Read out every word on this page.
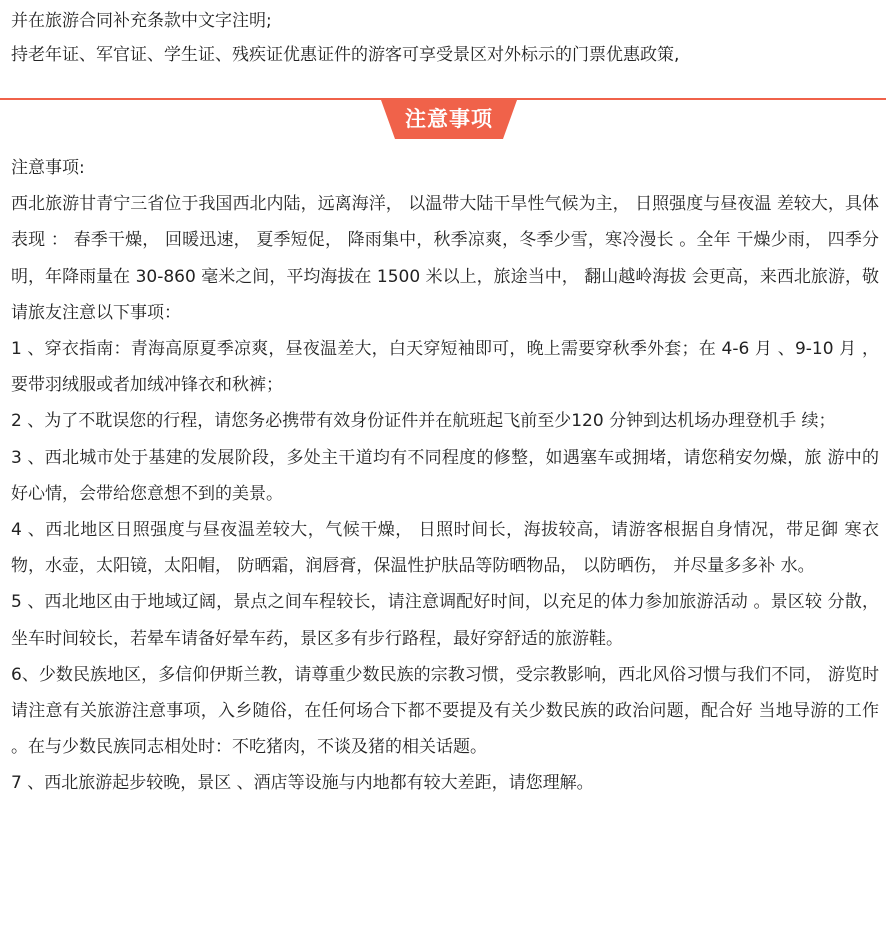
并在旅游合同补充条款中文字注明;

持老年证、军官证、学生证、残疾证优惠证件的游客可享受景区对外标示的门票优惠政策,

注意事项

注意事项:

西北旅游甘青宁三省位于我国西北内陆，远离海洋， 以温带大陆干旱性气候为主， 日照强度与昼夜温 差较大，具体表现 ： 春季干燥， 回暖迅速， 夏季短促， 降雨集中，秋季凉爽，冬季少雪，寒冷漫长 。全年 干燥少雨， 四季分明，年降雨量在 30-860 毫米之间，平均海拔在 1500 米以上，旅途当中， 翻山越岭海拔 会更高，来西北旅游，敬请旅友注意以下事项：

1 、穿衣指南：青海高原夏季凉爽，昼夜温差大，白天穿短袖即可，晚上需要穿秋季外套；在 4-6 月 、9-10 月 ，要带羽绒服或者加绒冲锋衣和秋裤；

2 、为了不耽误您的行程，请您务必携带有效身份证件并在航班起飞前至少120 分钟到达机场办理登机手 续；

3 、西北城市处于基建的发展阶段，多处主干道均有不同程度的修整，如遇塞车或拥堵，请您稍安勿燥，旅 游中的好心情，会带给您意想不到的美景。

4 、西北地区日照强度与昼夜温差较大，气候干燥， 日照时间长，海拔较高，请游客根据自身情况，带足御 寒衣物，水壶，太阳镜，太阳帽， 防晒霜，润唇膏，保温性护肤品等防晒物品， 以防晒伤， 并尽量多多补 水。

5 、西北地区由于地域辽阔，景点之间车程较长，请注意调配好时间，以充足的体力参加旅游活动 。景区较 分散，坐车时间较长，若晕车请备好晕车药，景区多有步行路程，最好穿舒适的旅游鞋。

6、少数民族地区，多信仰伊斯兰教，请尊重少数民族的宗教习惯，受宗教影响，西北风俗习惯与我们不同， 游览时请注意有关旅游注意事项，入乡随俗，在任何场合下都不要提及有关少数民族的政治问题，配合好 当地导游的工作 。在与少数民族同志相处时：不吃猪肉，不谈及猪的相关话题。

7 、西北旅游起步较晚，景区 、酒店等设施与内地都有较大差距，请您理解。
